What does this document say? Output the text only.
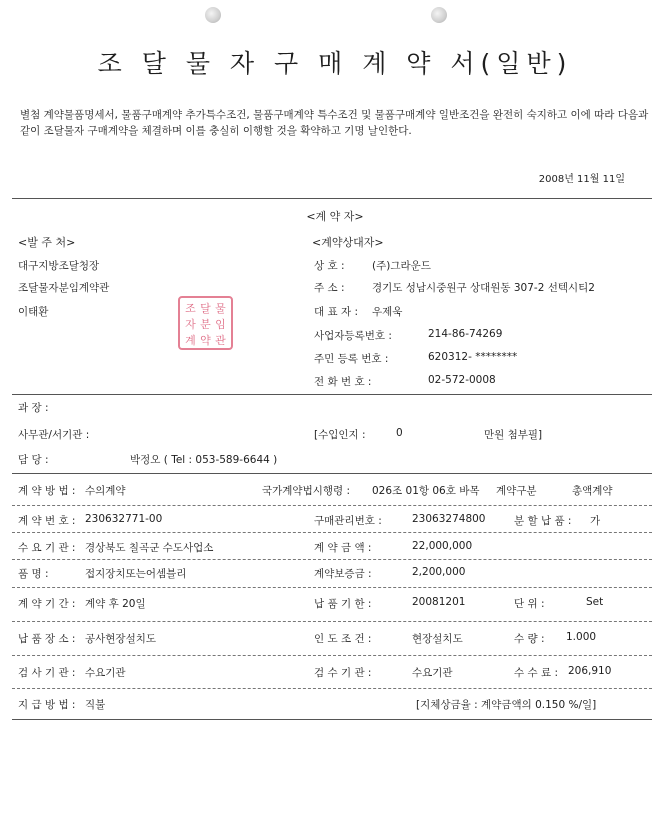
조 달 물 자 구 매 계 약 서(일반)
별첨 계약물품명세서, 물품구매계약 추가특수조건, 물품구매계약 특수조건 및 물품구매계약 일반조건을 완전히 숙지하고 이에 따라 다음과 같이 조달물자 구매계약을 체결하며 이를 충실히 이행할 것을 확약하고 기명 날인한다.
2008년 11월 11일
<계 약 자>
<발 주 처>
대구지방조달청장
조달물자분임계약관
이태환	조 달 물
자 분 임
계 약 관
<계약상대자>
상 호 :	(주)그라운드
주 소 :	경기도 성남시중원구 상대원동 307-2 선텍시티2
대 표 자 : 우제욱
사업자등록번호 :	214-86-74269
주민 등록 번호 :	620312- ********
전 화 번 호 :	02-572-0008
과 장 :
사무관/서기관 :	[수입인지 :	0	만원 첨부필]
담 당 :	박정오 ( Tel : 053-589-6644 )
계 약 방 법 : 수의계약	국가계약법시행령 : 026조 01항 06호 바목 계약구분	총액계약
계 약 번 호 : 230632771-00	구매관리번호 :	23063274800	분 할 납 품 : 가
수 요 기 관 : 경상북도 칠곡군 수도사업소	계 약 금 액 :	22,000,000
품 명 :	접지장치또는어셈블리	계약보증금 :	2,200,000
계 약 기 간 : 계약 후 20일	납 품 기 한 :	20081201	단 위 :	Set
납 품 장 소 : 공사현장설치도	인 도 조 건 :	현장설치도	수 량 : 1.000
검 사 기 관 : 수요기관	검 수 기 관 :	수요기관	수 수 료 : 206,910
지 급 방 법 : 직불	[지체상금율 : 계약금액의 0.150 %/일]
